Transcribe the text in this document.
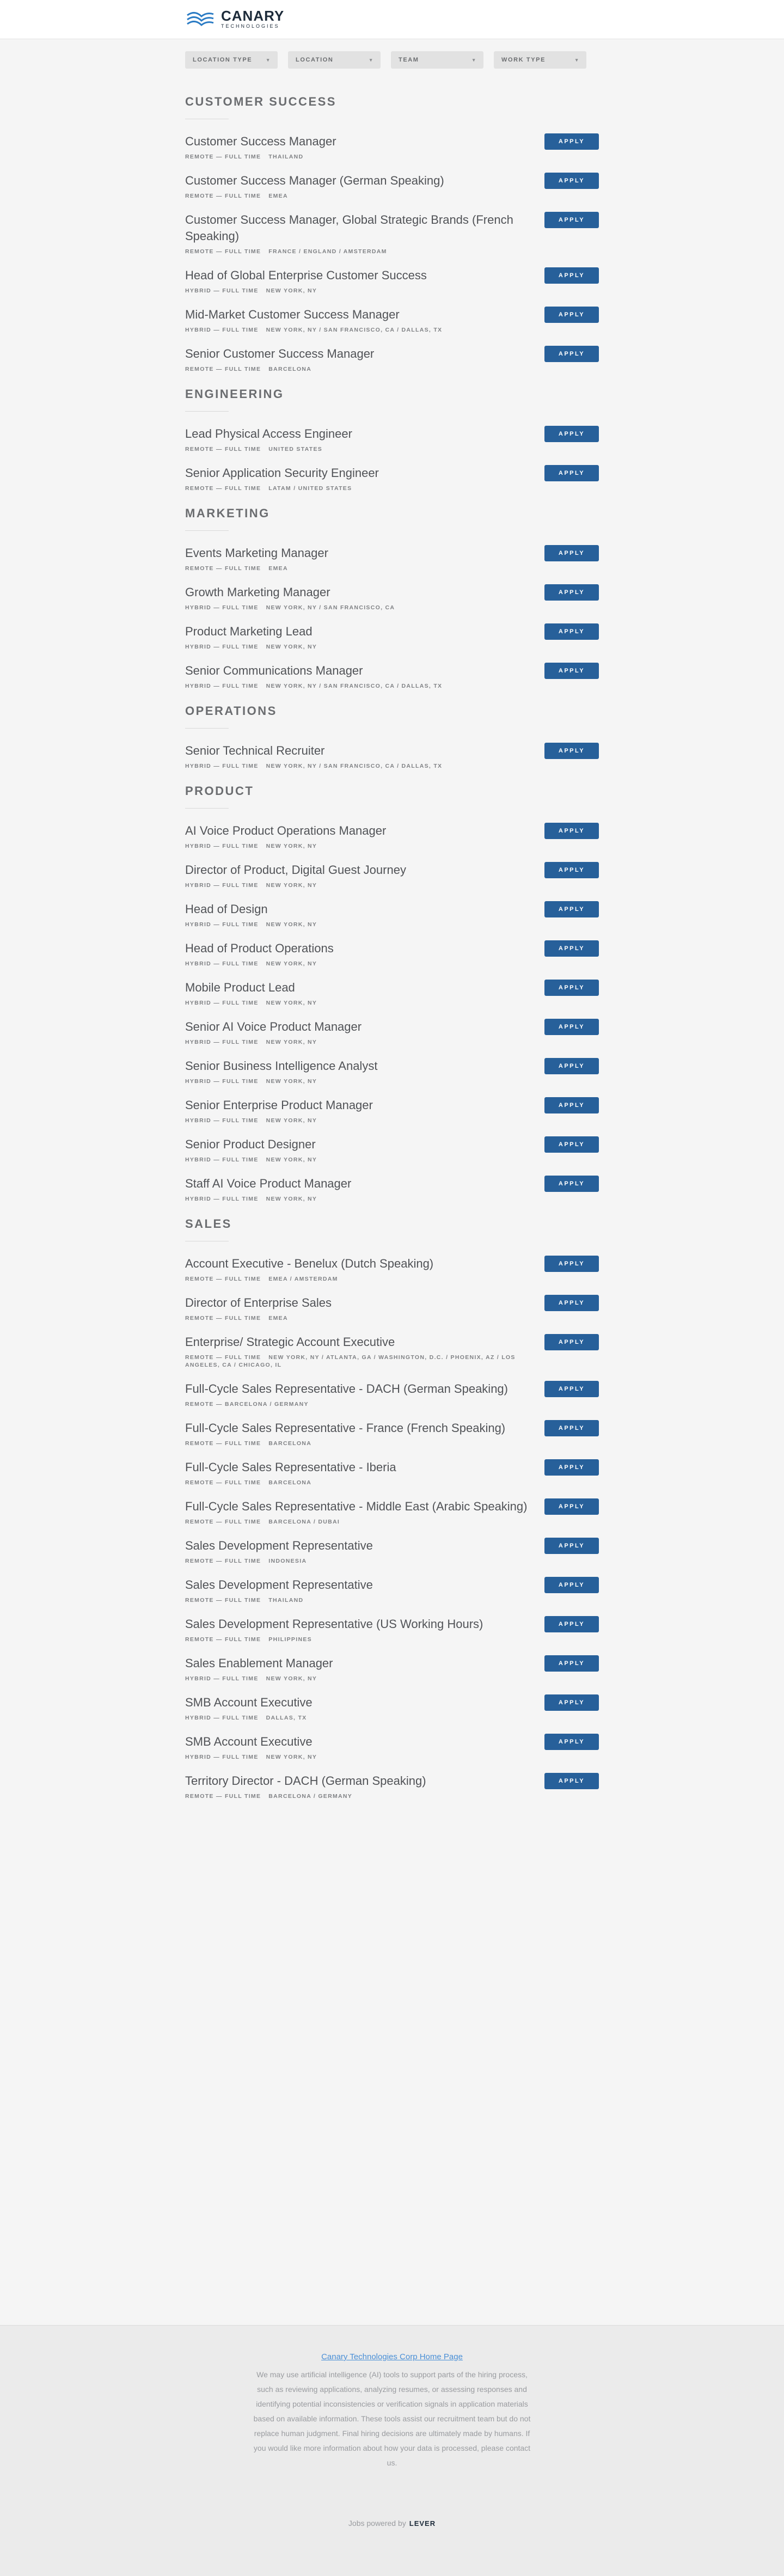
CANARY
TECHNOLOGIES
LOCATION TYPE	▾	LOCATION	▾	TEAM	▾	WORK TYPE	▾
CUSTOMER SUCCESS
Customer Success Manager
REMOTE — FULL TIME THAILAND
APPLY
Customer Success Manager (German Speaking)
REMOTE — FULL TIME EMEA
APPLY
Customer Success Manager, Global Strategic Brands (French Speaking)
REMOTE — FULL TIME FRANCE / ENGLAND / AMSTERDAM
APPLY
Head of Global Enterprise Customer Success
HYBRID — FULL TIME NEW YORK, NY
APPLY
Mid-Market Customer Success Manager
HYBRID — FULL TIME NEW YORK, NY / SAN FRANCISCO, CA / DALLAS, TX
APPLY
Senior Customer Success Manager
REMOTE — FULL TIME BARCELONA
APPLY
ENGINEERING
Lead Physical Access Engineer
REMOTE — FULL TIME UNITED STATES
APPLY
Senior Application Security Engineer
REMOTE — FULL TIME LATAM / UNITED STATES
APPLY
MARKETING
Events Marketing Manager
REMOTE — FULL TIME EMEA
APPLY
Growth Marketing Manager
HYBRID — FULL TIME NEW YORK, NY / SAN FRANCISCO, CA
APPLY
Product Marketing Lead
HYBRID — FULL TIME NEW YORK, NY
APPLY
Senior Communications Manager
HYBRID — FULL TIME NEW YORK, NY / SAN FRANCISCO, CA / DALLAS, TX
APPLY
OPERATIONS
Senior Technical Recruiter
HYBRID — FULL TIME NEW YORK, NY / SAN FRANCISCO, CA / DALLAS, TX
APPLY
PRODUCT
AI Voice Product Operations Manager
HYBRID — FULL TIME NEW YORK, NY
APPLY
Director of Product, Digital Guest Journey
HYBRID — FULL TIME NEW YORK, NY
APPLY
Head of Design
HYBRID — FULL TIME NEW YORK, NY
APPLY
Head of Product Operations
HYBRID — FULL TIME NEW YORK, NY
APPLY
Mobile Product Lead
HYBRID — FULL TIME NEW YORK, NY
APPLY
Senior AI Voice Product Manager
HYBRID — FULL TIME NEW YORK, NY
APPLY
Senior Business Intelligence Analyst
HYBRID — FULL TIME NEW YORK, NY
APPLY
Senior Enterprise Product Manager
HYBRID — FULL TIME NEW YORK, NY
APPLY
Senior Product Designer
HYBRID — FULL TIME NEW YORK, NY
APPLY
Staff AI Voice Product Manager
HYBRID — FULL TIME NEW YORK, NY
APPLY
SALES
Account Executive - Benelux (Dutch Speaking)
REMOTE — FULL TIME EMEA / AMSTERDAM
APPLY
Director of Enterprise Sales
REMOTE — FULL TIME EMEA
APPLY
Enterprise/ Strategic Account Executive
REMOTE — FULL TIME NEW YORK, NY / ATLANTA, GA / WASHINGTON, D.C. / PHOENIX, AZ / LOS ANGELES, CA / CHICAGO, IL
APPLY
Full-Cycle Sales Representative - DACH (German Speaking)
REMOTE — BARCELONA / GERMANY
APPLY
Full-Cycle Sales Representative - France (French Speaking)
REMOTE — FULL TIME BARCELONA
APPLY
Full-Cycle Sales Representative - Iberia
REMOTE — FULL TIME BARCELONA
APPLY
Full-Cycle Sales Representative - Middle East (Arabic Speaking)
REMOTE — FULL TIME BARCELONA / DUBAI
APPLY
Sales Development Representative
REMOTE — FULL TIME INDONESIA
APPLY
Sales Development Representative
REMOTE — FULL TIME THAILAND
APPLY
Sales Development Representative (US Working Hours)
REMOTE — FULL TIME PHILIPPINES
APPLY
Sales Enablement Manager
HYBRID — FULL TIME NEW YORK, NY
APPLY
SMB Account Executive
HYBRID — FULL TIME DALLAS, TX
APPLY
SMB Account Executive
HYBRID — FULL TIME NEW YORK, NY
APPLY
Territory Director - DACH (German Speaking)
REMOTE — FULL TIME BARCELONA / GERMANY
APPLY
Canary Technologies Corp Home Page
We may use artificial intelligence (AI) tools to support parts of the hiring process, such as reviewing applications, analyzing resumes, or assessing responses and identifying potential inconsistencies or verification signals in application materials based on available information. These tools assist our recruitment team but do not replace human judgment. Final hiring decisions are ultimately made by humans. If you would like more information about how your data is processed, please contact us.
Jobs powered by LEVER
